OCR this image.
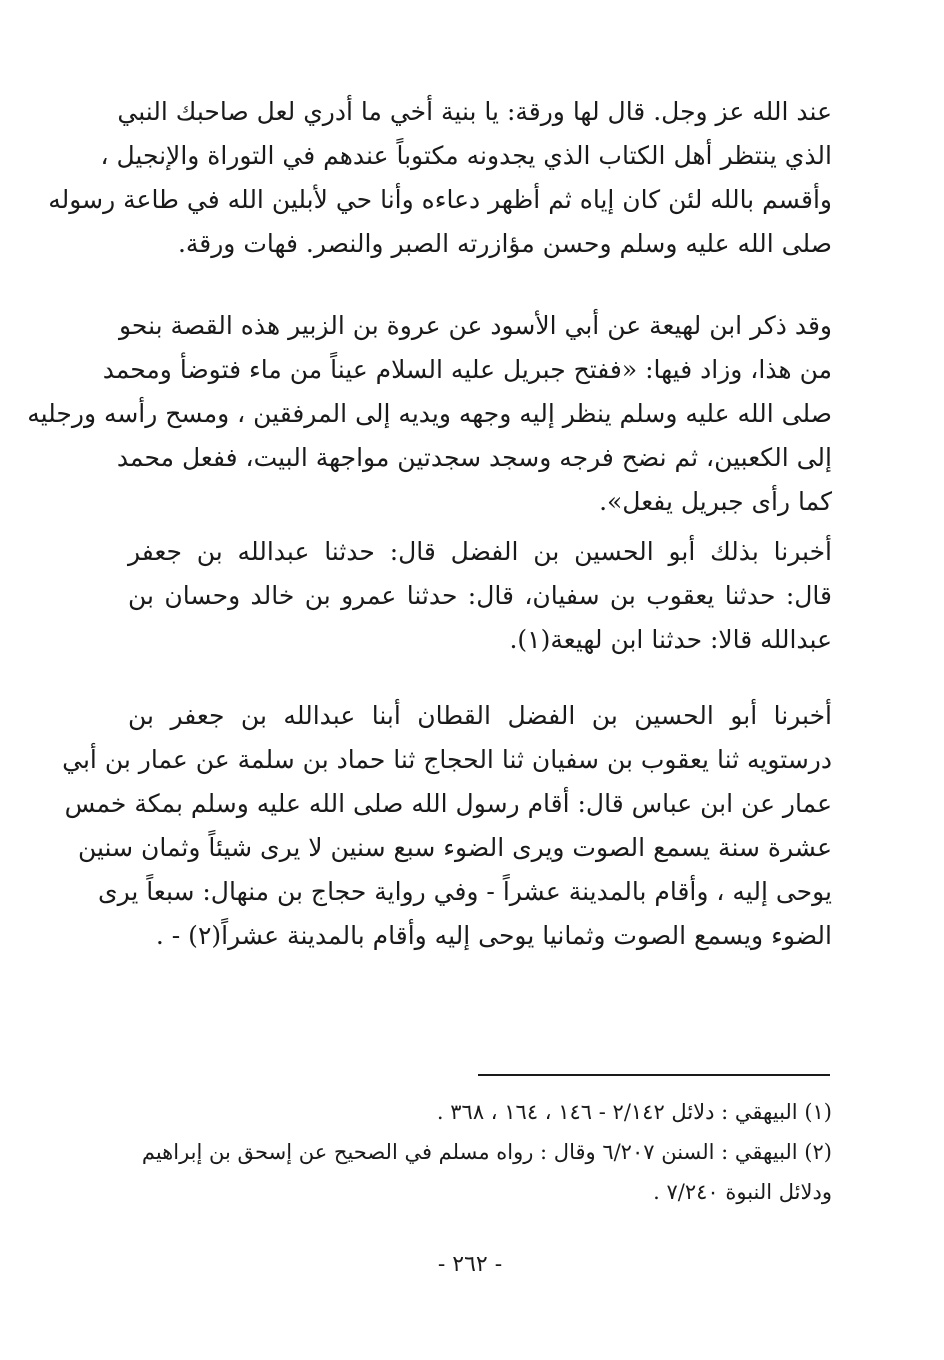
عند الله عز وجل. قال لها ورقة: يا بنية أخي ما أدري لعل صاحبك النبي
الذي ينتظر أهل الكتاب الذي يجدونه مكتوباً عندهم في التوراة والإنجيل ،
وأقسم بالله لئن كان إياه ثم أظهر دعاءه وأنا حي لأبلين الله في طاعة رسوله
صلى الله عليه وسلم وحسن مؤازرته الصبر والنصر. فهات ورقة.
وقد ذكر ابن لهيعة عن أبي الأسود عن عروة بن الزبير هذه القصة بنحو
من هذا، وزاد فيها: «ففتح جبريل عليه السلام عيناً من ماء فتوضأ ومحمد
صلى الله عليه وسلم ينظر إليه وجهه ويديه إلى المرفقين ، ومسح رأسه ورجليه
إلى الكعبين، ثم نضح فرجه وسجد سجدتين مواجهة البيت، ففعل محمد
كما رأى جبريل يفعل».
أخبرنا بذلك أبو الحسين بن الفضل قال: حدثنا عبدالله بن جعفر
قال: حدثنا يعقوب بن سفيان، قال: حدثنا عمرو بن خالد وحسان بن
عبدالله قالا: حدثنا ابن لهيعة(١).
أخبرنا أبو الحسين بن الفضل القطان أبنا عبدالله بن جعفر بن
درستويه ثنا يعقوب بن سفيان ثنا الحجاج ثنا حماد بن سلمة عن عمار بن أبي
عمار عن ابن عباس قال: أقام رسول الله صلى الله عليه وسلم بمكة خمس
عشرة سنة يسمع الصوت ويرى الضوء سبع سنين لا يرى شيئاً وثمان سنين
يوحى إليه ، وأقام بالمدينة عشراً - وفي رواية حجاج بن منهال: سبعاً يرى
الضوء ويسمع الصوت وثمانيا يوحى إليه وأقام بالمدينة عشراً(٢) - .
(١) البيهقي : دلائل ٢/١٤٢ - ١٤٦ ، ١٦٤ ، ٣٦٨ .
(٢) البيهقي : السنن ٦/٢٠٧ وقال : رواه مسلم في الصحيح عن إسحق بن إبراهيم
ودلائل النبوة ٧/٢٤٠ .
- ٢٦٢ -
